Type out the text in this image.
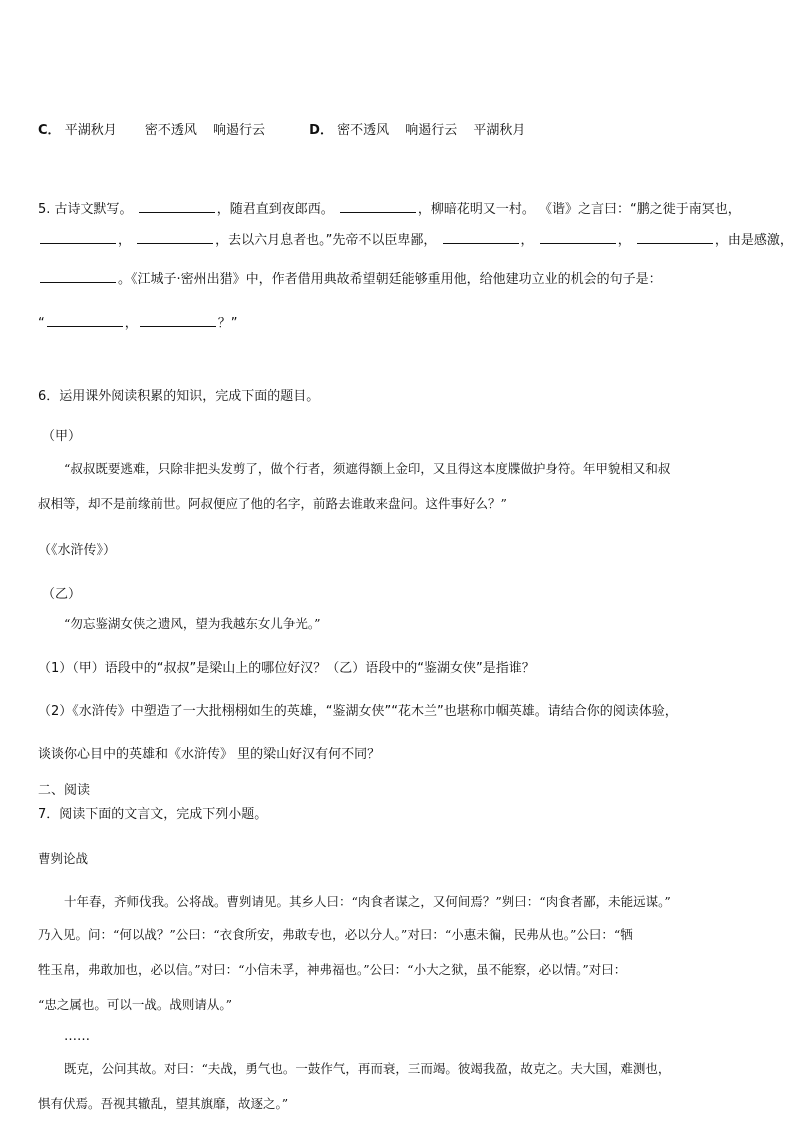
C． 平湖秋月 密不透风 响遏行云	D． 密不透风 响遏行云 平湖秋月
5. 古诗文默写。	，随君直到夜郎西。	，柳暗花明又一村。 《谐》之言曰：“鹏之徙于南冥也，
，	，去以六月息者也。”先帝不以臣卑鄙，	，	，	，由是感激，
。《江城子·密州出猎》中，作者借用典故希望朝廷能够重用他，给他建功立业的机会的句子是：
“	，	？”
6．运用课外阅读积累的知识，完成下面的题目。
（甲）
“叔叔既要逃难，只除非把头发剪了，做个行者，须遮得额上金印，又且得这本度牒做护身符。年甲貌相又和叔
叔相等，却不是前缘前世。阿叔便应了他的名字，前路去谁敢来盘问。这件事好么？”
（《水浒传》）
（乙）
“勿忘鉴湖女侠之遗风，望为我越东女儿争光。”
（1）（甲）语段中的“叔叔”是梁山上的哪位好汉？（乙）语段中的“鉴湖女侠”是指谁？
（2）《水浒传》中塑造了一大批栩栩如生的英雄，“鉴湖女侠”“花木兰”也堪称巾帼英雄。请结合你的阅读体验，
谈谈你心目中的英雄和《水浒传》 里的梁山好汉有何不同？
二、阅读
7．阅读下面的文言文，完成下列小题。
曹刿论战
十年春，齐师伐我。公将战。曹刿请见。其乡人曰：“肉食者谋之，又何间焉？”刿曰：“肉食者鄙，未能远谋。”
乃入见。问：“何以战？”公曰：“衣食所安，弗敢专也，必以分人。”对曰：“小惠未徧，民弗从也。”公曰：“牺
牲玉帛，弗敢加也，必以信。”对曰：“小信未孚，神弗福也。”公曰：“小大之狱，虽不能察，必以情。”对曰：
“忠之属也。可以一战。战则请从。”
……
既克，公问其故。对曰：“夫战，勇气也。一鼓作气，再而衰，三而竭。彼竭我盈，故克之。夫大国，难测也，
惧有伏焉。吾视其辙乱，望其旗靡，故逐之。”
